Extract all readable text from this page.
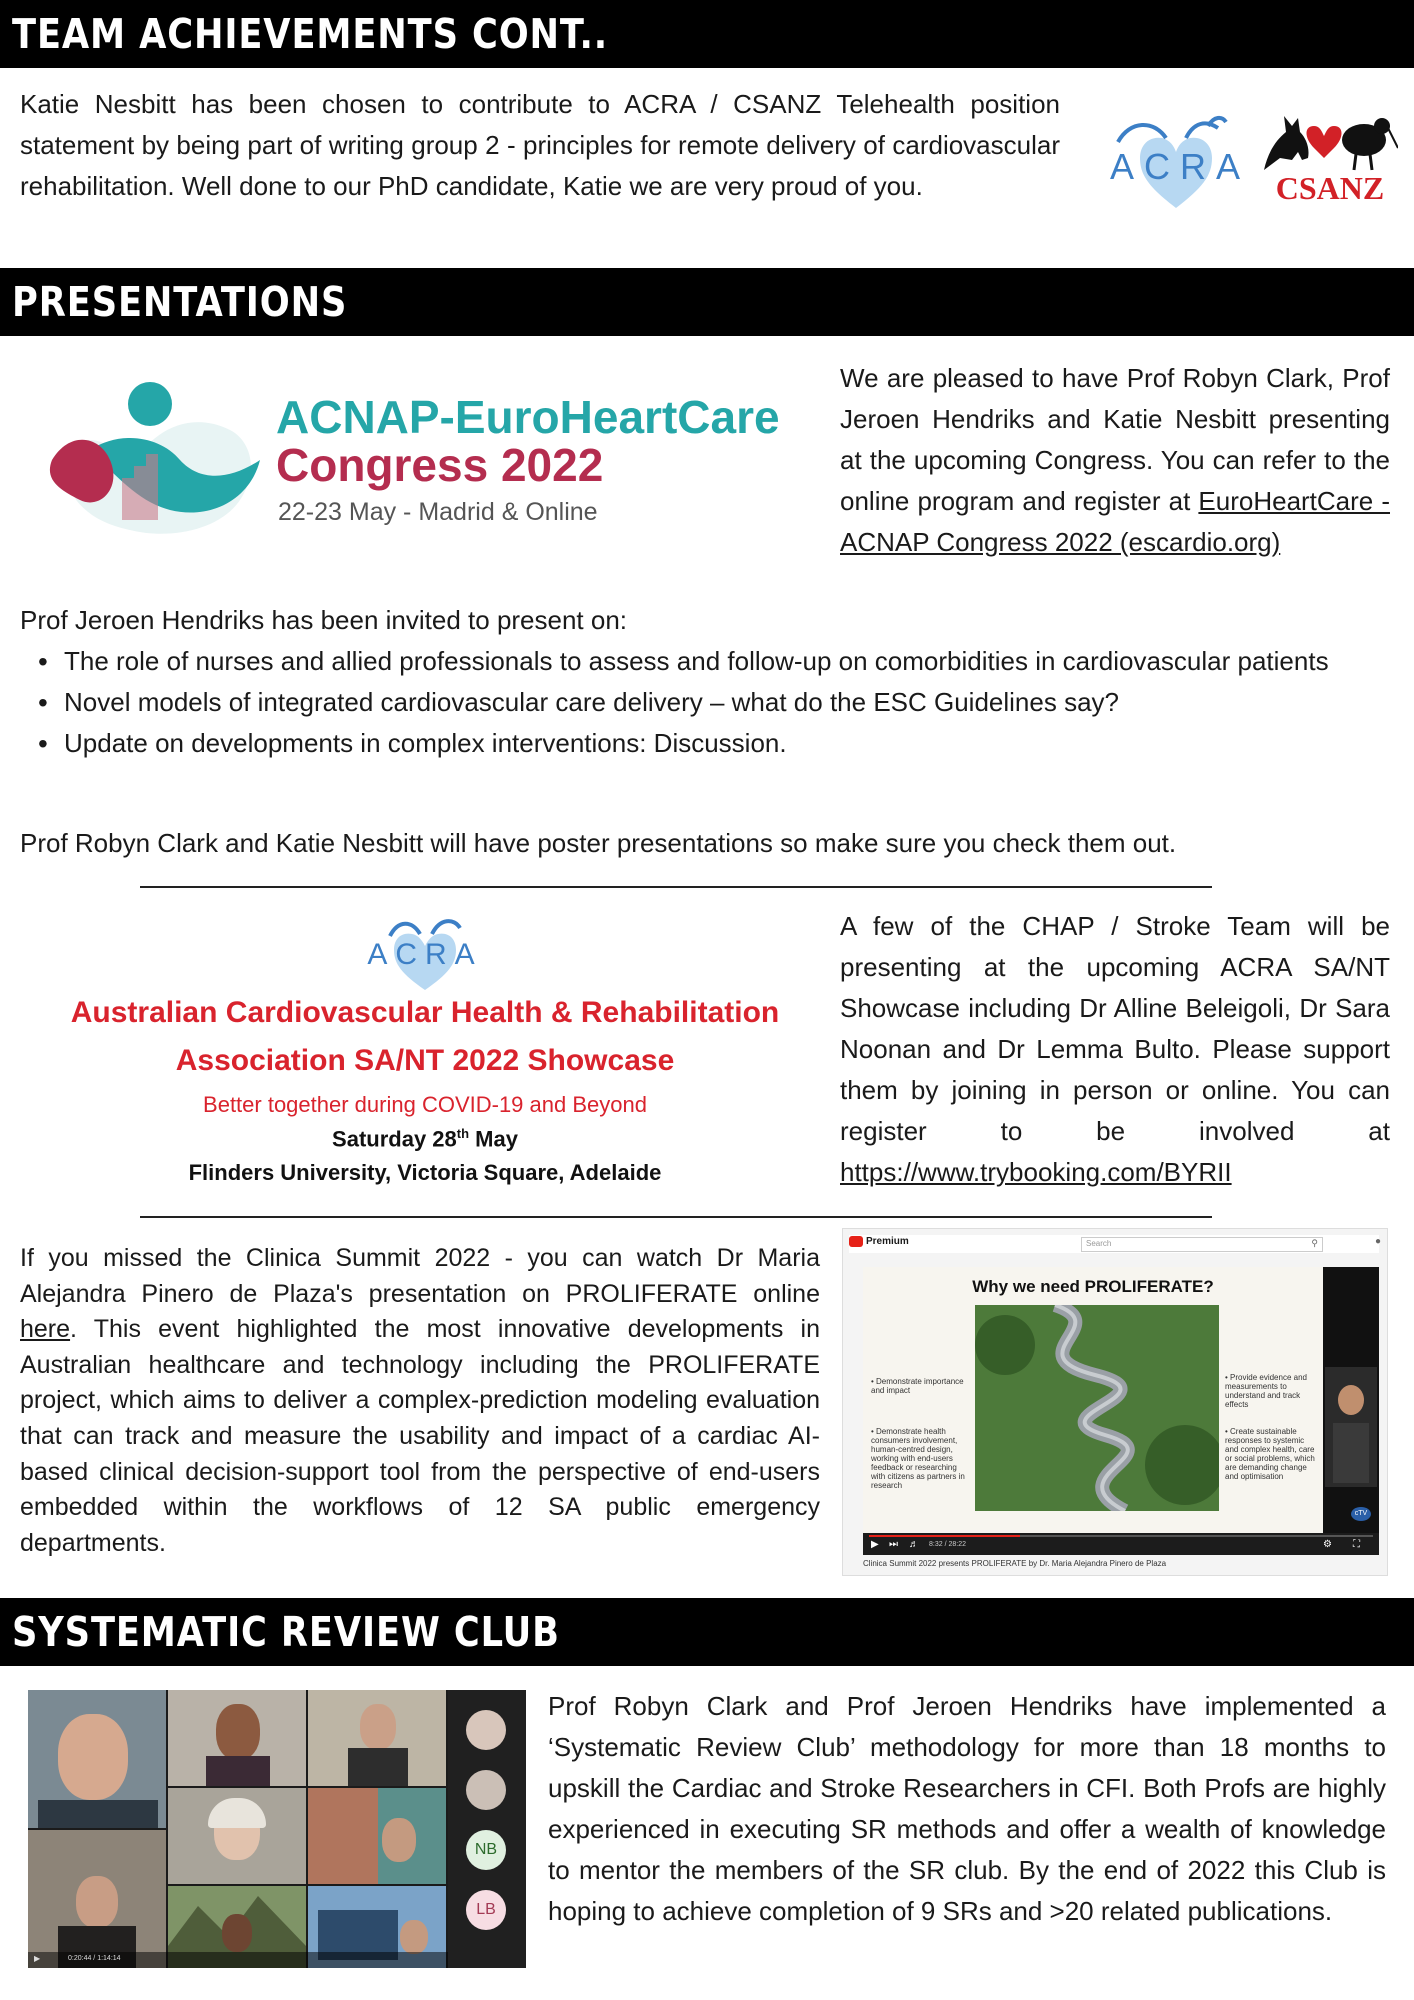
TEAM ACHIEVEMENTS CONT..

Katie Nesbitt has been chosen to contribute to ACRA / CSANZ Telehealth position statement by being part of writing group 2 - principles for remote delivery of cardiovascular rehabilitation. Well done to our PhD candidate, Katie we are very proud of you.	ACRA
CSANZ
PRESENTATIONS
ACNAP-EuroHeartCare
Congress 2022
22-23 May - Madrid & Online

We are pleased to have Prof Robyn Clark, Prof Jeroen Hendriks and Katie Nesbitt presenting at the upcoming Congress. You can refer to the online program and register at EuroHeartCare - ACNAP Congress 2022 (escardio.org)

Prof Jeroen Hendriks has been invited to present on:

• The role of nurses and allied professionals to assess and follow-up on comorbidities in cardiovascular patients
• Novel models of integrated cardiovascular care delivery – what do the ESC Guidelines say?
• Update on developments in complex interventions: Discussion.

Prof Robyn Clark and Katie Nesbitt will have poster presentations so make sure you check them out.

ACRA
Australian Cardiovascular Health & Rehabilitation
Association SA/NT 2022 Showcase
Better together during COVID-19 and Beyond
Saturday 28th May
Flinders University, Victoria Square, Adelaide

A few of the CHAP / Stroke Team will be presenting at the upcoming ACRA SA/NT Showcase including Dr Alline Beleigoli, Dr Sara Noonan and Dr Lemma Bulto. Please support them by joining in person or online. You can register to be involved at https://www.trybooking.com/BYRII

If you missed the Clinica Summit 2022 - you can watch Dr Maria Alejandra Pinero de Plaza's presentation on PROLIFERATE online here. This event highlighted the most innovative developments in Australian healthcare and technology including the PROLIFERATE project, which aims to deliver a complex-prediction modeling evaluation that can track and measure the usability and impact of a cardiac AI-based clinical decision-support tool from the perspective of end-users embedded within the workflows of 12 SA public emergency departments.

Premium	Search	⚲	●
Why we need PROLIFERATE?
• Demonstrate importance and impact
• Demonstrate health consumers involvement, human-centred design, working with end-users feedback or researching with citizens as partners in research
• Provide evidence and measurements to understand and track effects
• Create sustainable responses to systemic and complex health, care or social problems, which are demanding change and optimisation
cTV
▶ ⏭ ♬ 8:32 / 28:22	⚙ ⛶
Clinica Summit 2022 presents PROLIFERATE by Dr. Maria Alejandra Pinero de Plaza
SYSTEMATIC REVIEW CLUB
NB
LB
▶	0:20:44 / 1:14:14

Prof Robyn Clark and Prof Jeroen Hendriks have implemented a ‘Systematic Review Club’ methodology for more than 18 months to upskill the Cardiac and Stroke Researchers in CFI. Both Profs are highly experienced in executing SR methods and offer a wealth of knowledge to mentor the members of the SR club. By the end of 2022 this Club is hoping to achieve completion of 9 SRs and >20 related publications.
